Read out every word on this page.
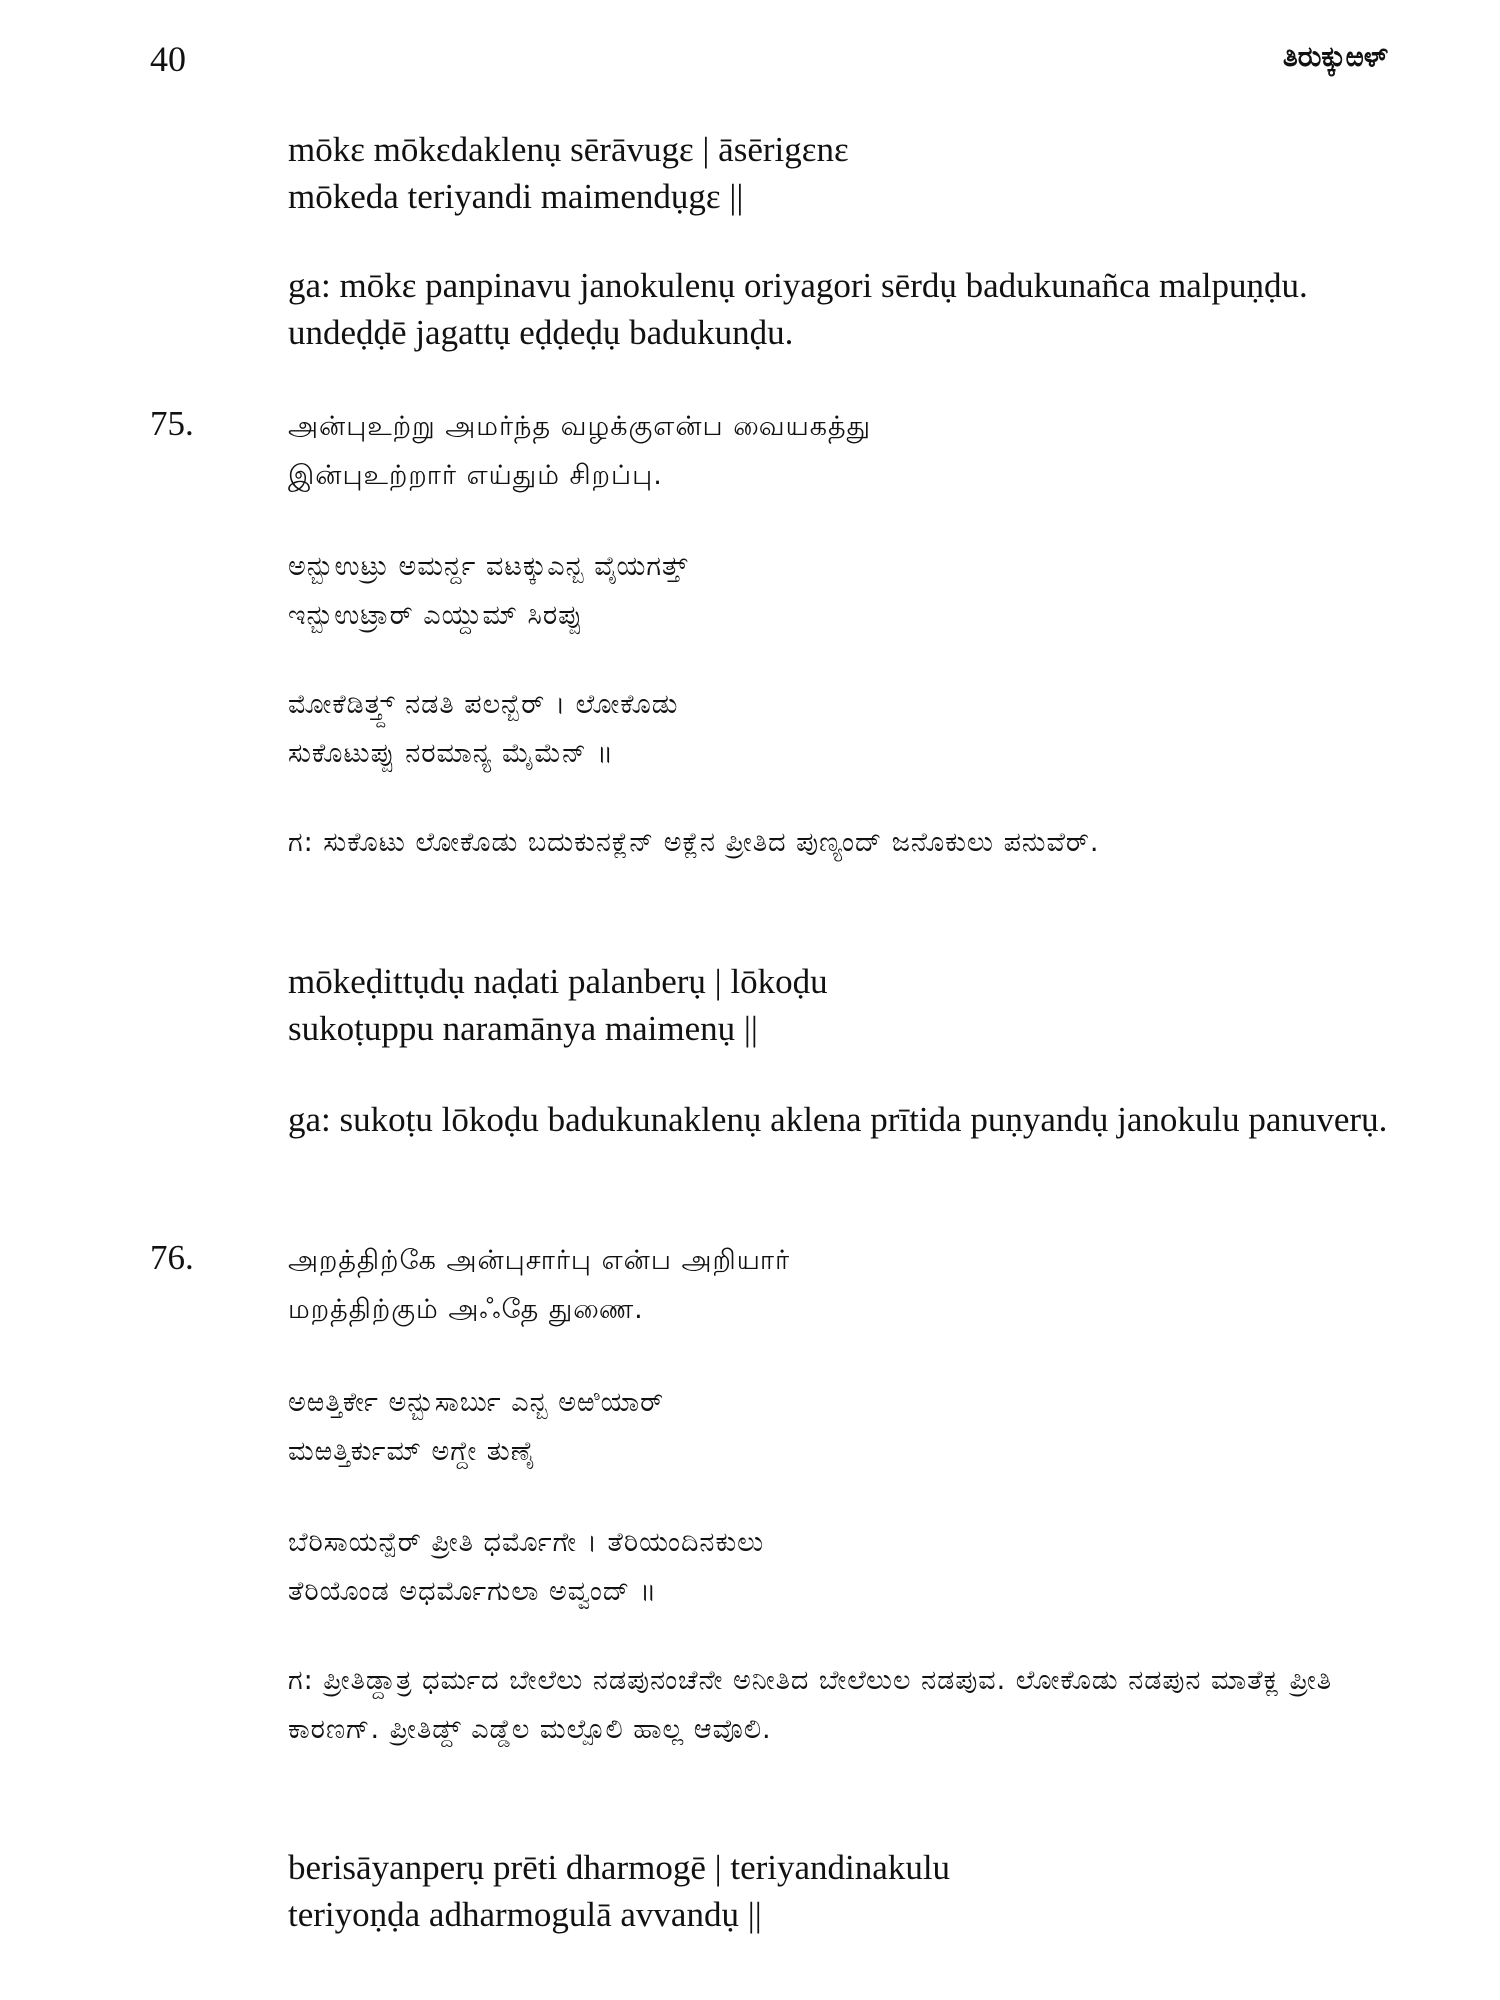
40	ತಿರುಕ್ಕುಱಳ್
mōkɛ mōkɛdaklenụ sērāvugɛ | āsērigɛnɛ
mōkeda teriyandi maimendụgɛ ||
ga: mōkɛ panpinavu janokulenụ oriyagori sērdụ badukunañca malpuṇḍu. undeḍḍē jagattụ eḍḍeḍụ badukunḍu.
75.	அன்புஉற்று அமர்ந்த வழக்குஎன்ப வையகத்து
இன்புஉற்றார் எய்தும் சிறப்பு.
ಅನ್ಬುಉಟ್ರು ಅಮರ್ನ್ದ ವಟಕ್ಕುಎನ್ಬ ವೈಯಗತ್ತ್
ಇನ್ಬುಉಟ್ರಾರ್ ಎಯ್ದುಮ್ ಸಿರಪ್ಪು
ಮೋಕೆಡಿತ್ತ್ದ್ ನಡತಿ ಪಲನ್ಬೆರ್ । ಲೋಕೊಡು
ಸುಕೊಟುಪ್ಪು ನರಮಾನ್ಯ ಮೈಮೆನ್ ॥
ಗ: ಸುಕೊಟು ಲೋಕೊಡು ಬದುಕುನಕ್ಲೆನ್ ಅಕ್ಲೆನ ಪ್ರೀತಿದ ಪುಣ್ಯಂದ್ ಜನೊಕುಲು ಪನುವೆರ್.
mōkeḍittụdụ naḍati palanberụ | lōkoḍu
sukoṭuppu naramānya maimenụ ||
ga: sukoṭu lōkoḍu badukunaklenụ aklena prītida puṇyandụ janokulu panuverụ.
76.	அறத்திற்கே அன்புசார்பு என்ப அறியார்
மறத்திற்கும் அஃதே துணை.
ಅಱತ್ತಿರ್ಕೇ ಅನ್ಬುಸಾರ್ಬು ಎನ್ಬ ಅಱಿಯಾರ್
ಮಱತ್ತಿರ್ಕುಮ್ ಅಗ್ದೇ ತುಣೈ
ಬೆರಿಸಾಯನ್ಪೆರ್ ಪ್ರೀತಿ ಧರ್ಮೊಗೇ । ತೆರಿಯಂದಿನಕುಲು
ತೆರಿಯೊಂಡ ಅಧರ್ಮೊಗುಲಾ ಅವ್ವಂದ್ ॥
ಗ: ಪ್ರೀತಿಡ್ದಾತ್ರ ಧರ್ಮದ ಬೇಲೆಲು ನಡಪುನಂಚೆನೇ ಅನೀತಿದ ಬೇಲೆಲುಲ ನಡಪುವ. ಲೋಕೊಡು ನಡಪುನ ಮಾತೆಕ್ಲ ಪ್ರೀತಿ ಕಾರಣಗ್. ಪ್ರೀತಿಡ್ದ್ ಎಡ್ಡೆಲ ಮಲ್ಪೊಲಿ ಹಾಲ್ಲ ಆವೊಲಿ.
berisāyanperụ prēti dharmogē | teriyandinakulu
teriyoṇḍa adharmogulā avvandụ ||
